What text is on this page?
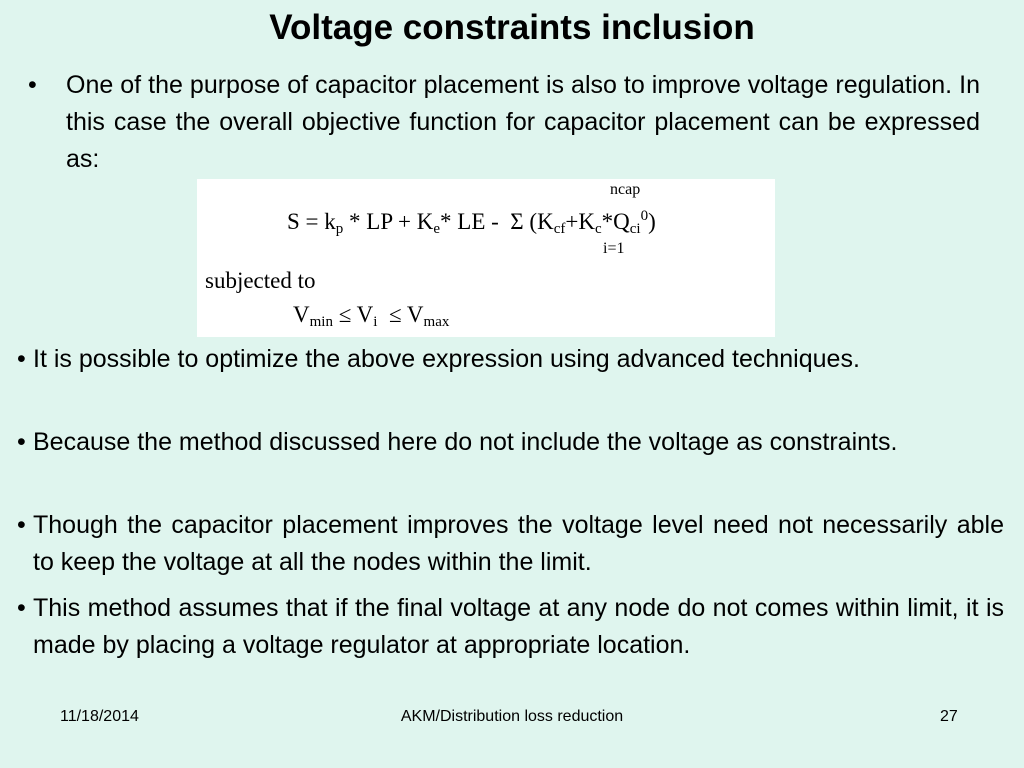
Voltage constraints inclusion
• One of the purpose of capacitor placement is also to improve voltage regulation. In this case the overall objective function for capacitor placement can be expressed as:
ncap
$S = k_p$ * LP + $K_e*$ LE -  Σ $(K_{cf}+K_c*Q_{ci}^0)$
i=1
subjected to
$V_{min} \le V_i \le V_{max}$
• It is possible to optimize the above expression using advanced techniques.
• Because the method discussed here do not include the voltage as constraints.
• Though the capacitor placement improves the voltage level need not necessarily able to keep the voltage at all the nodes within the limit.
• This method assumes that if the final voltage at any node do not comes within limit, it is made by placing a voltage regulator at appropriate location.
11/18/2014	AKM/Distribution loss reduction	27
